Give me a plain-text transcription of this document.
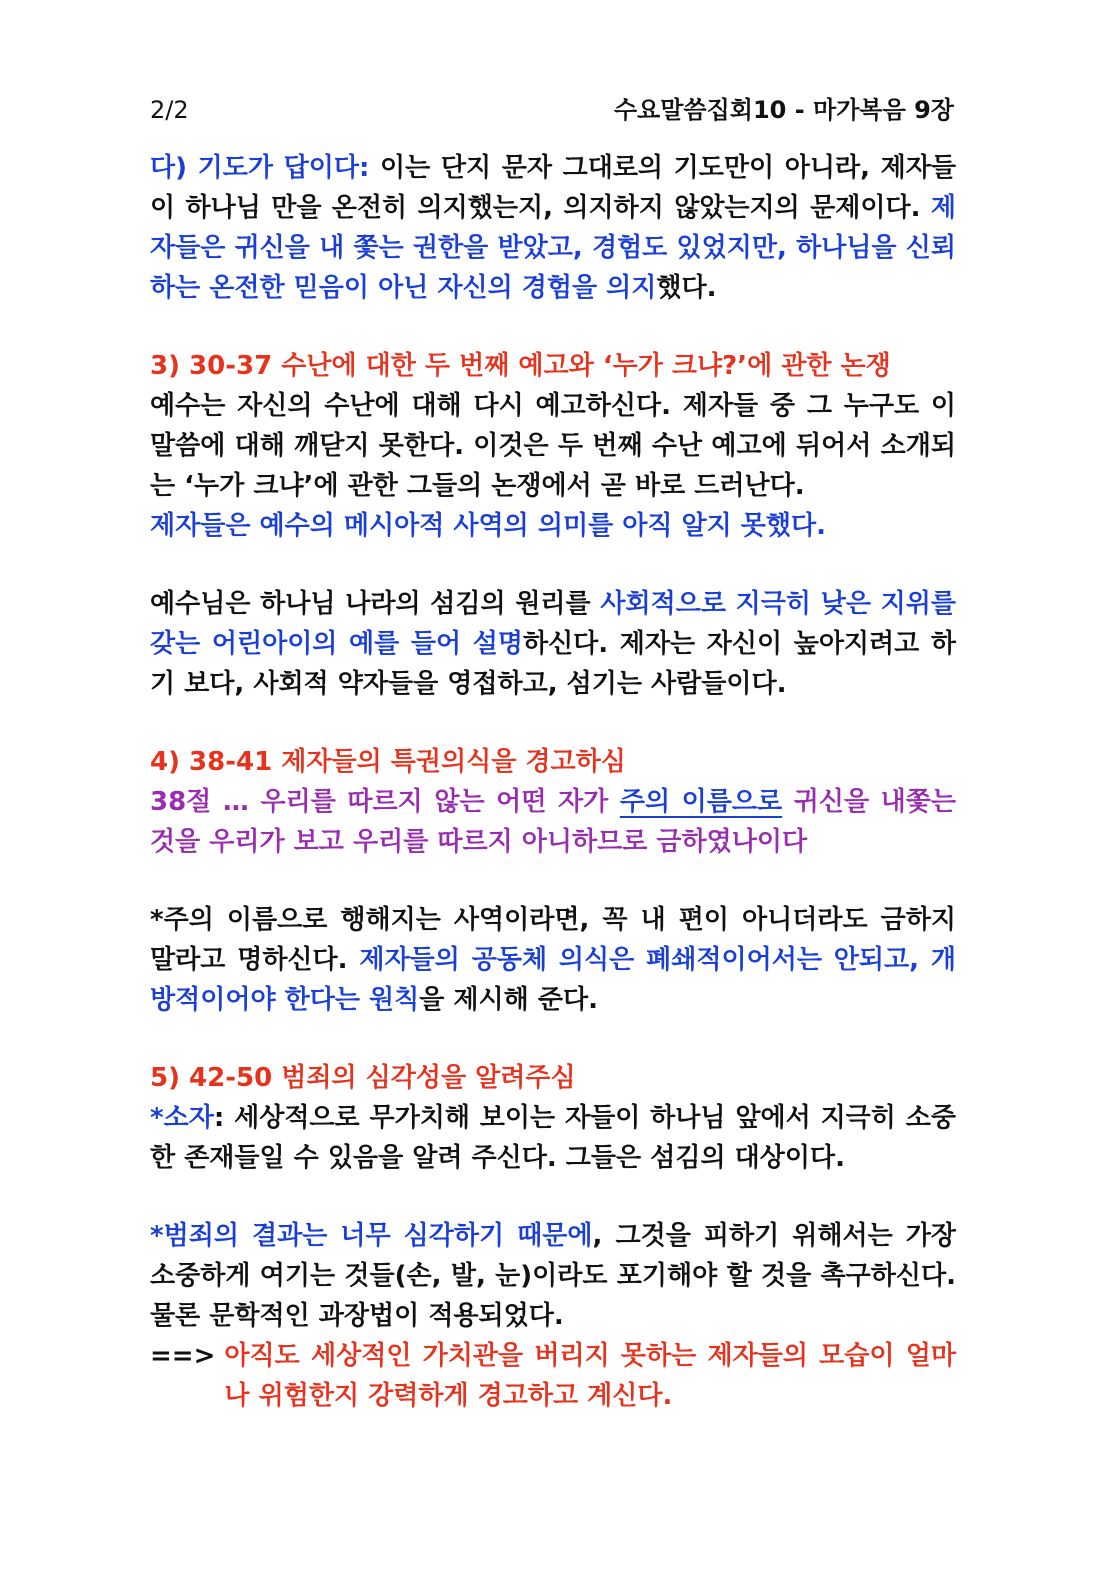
2/2	수요말씀집회10 - 마가복음 9장

다) 기도가 답이다: 이는 단지 문자 그대로의 기도만이 아니라, 제자들이 하나님 만을 온전히 의지했는지, 의지하지 않았는지의 문제이다. 제자들은 귀신을 내 쫓는 권한을 받았고, 경험도 있었지만, 하나님을 신뢰하는 온전한 믿음이 아닌 자신의 경험을 의지했다.

3) 30-37 수난에 대한 두 번째 예고와 ‘누가 크냐?’에 관한 논쟁

예수는 자신의 수난에 대해 다시 예고하신다. 제자들 중 그 누구도 이 말씀에 대해 깨닫지 못한다. 이것은 두 번째 수난 예고에 뒤어서 소개되는 ‘누가 크냐’에 관한 그들의 논쟁에서 곧 바로 드러난다.

제자들은 예수의 메시아적 사역의 의미를 아직 알지 못했다.

예수님은 하나님 나라의 섬김의 원리를 사회적으로 지극히 낮은 지위를 갖는 어린아이의 예를 들어 설명하신다. 제자는 자신이 높아지려고 하기 보다, 사회적 약자들을 영접하고, 섬기는 사람들이다.

4) 38-41 제자들의 특권의식을 경고하심

38절 … 우리를 따르지 않는 어떤 자가 주의 이름으로 귀신을 내쫓는 것을 우리가 보고 우리를 따르지 아니하므로 금하였나이다

*주의 이름으로 행해지는 사역이라면, 꼭 내 편이 아니더라도 금하지 말라고 명하신다. 제자들의 공동체 의식은 폐쇄적이어서는 안되고, 개방적이어야 한다는 원칙을 제시해 준다.

5) 42-50 범죄의 심각성을 알려주심

*소자: 세상적으로 무가치해 보이는 자들이 하나님 앞에서 지극히 소중한 존재들일 수 있음을 알려 주신다. 그들은 섬김의 대상이다.

*범죄의 결과는 너무 심각하기 때문에, 그것을 피하기 위해서는 가장 소중하게 여기는 것들(손, 발, 눈)이라도 포기해야 할 것을 촉구하신다. 물론 문학적인 과장법이 적용되었다.

==> 아직도 세상적인 가치관을 버리지 못하는 제자들의 모습이 얼마나 위험한지 강력하게 경고하고 계신다.
